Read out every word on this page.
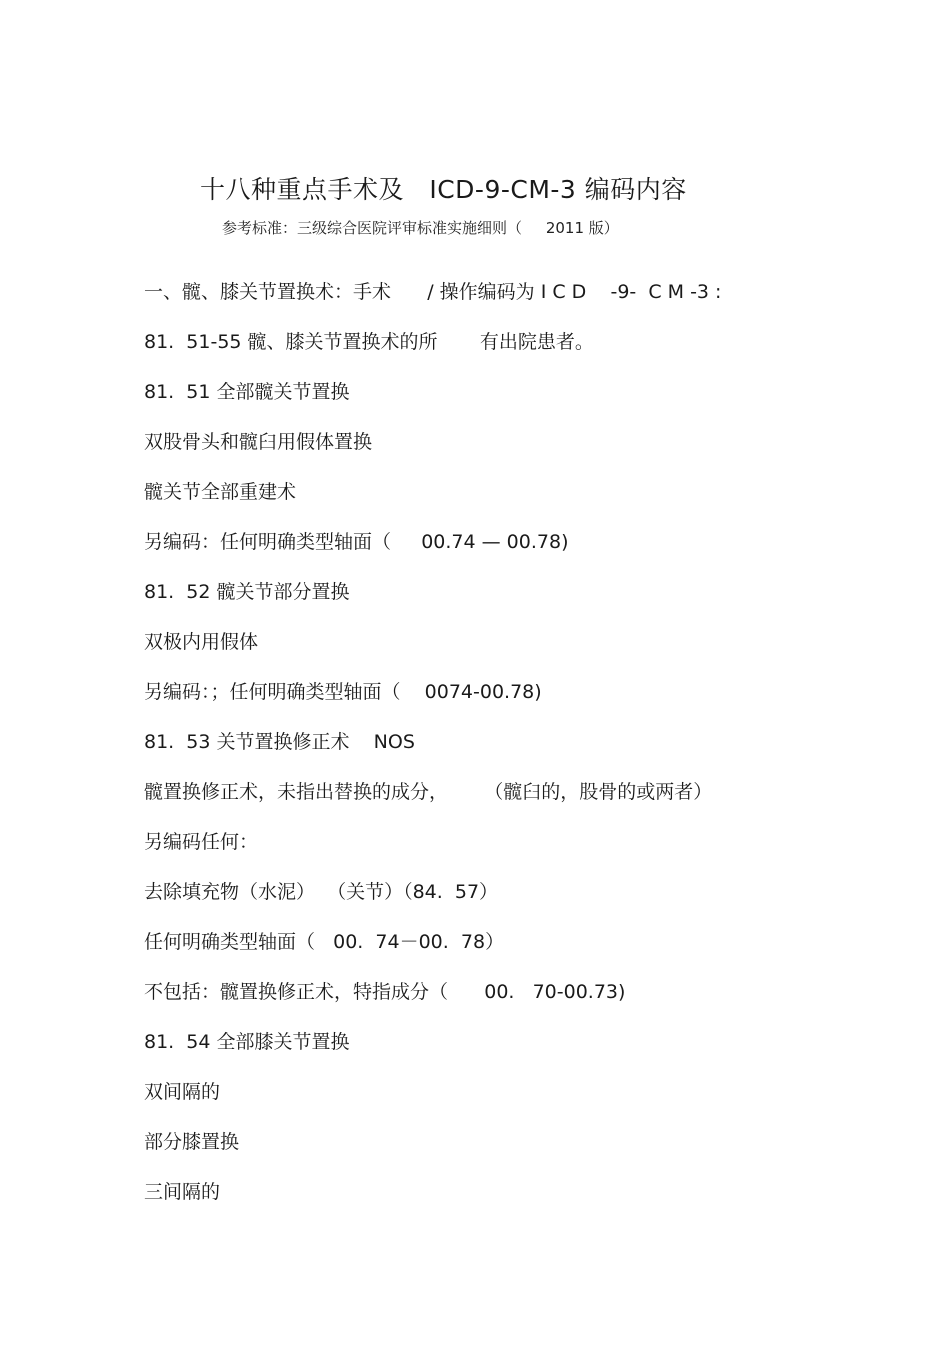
十八种重点手术及   ICD-9-CM-3 编码内容
参考标准：三级综合医院评审标准实施细则（     2011 版）
一、髋、膝关节置换术：手术      / 操作编码为 I C D    -9-  C M -3 :
81.  51-55 髋、膝关节置换术的所       有出院患者。
81.  51 全部髋关节置换
双股骨头和髋臼用假体置换
髋关节全部重建术
另编码：任何明确类型轴面（     00.74 — 00.78)
81.  52 髋关节部分置换
双极内用假体
另编码：；任何明确类型轴面（    0074-00.78)
81.  53 关节置换修正术    NOS
髋置换修正术，未指出替换的成分，      （髋臼的，股骨的或两者）
另编码任何：
去除填充物（水泥）  （关节）（84.  57）
任何明确类型轴面（   00.  74－00.  78）
不包括：髋置换修正术，特指成分（      00.   70-00.73)
81.  54 全部膝关节置换
双间隔的
部分膝置换
三间隔的
